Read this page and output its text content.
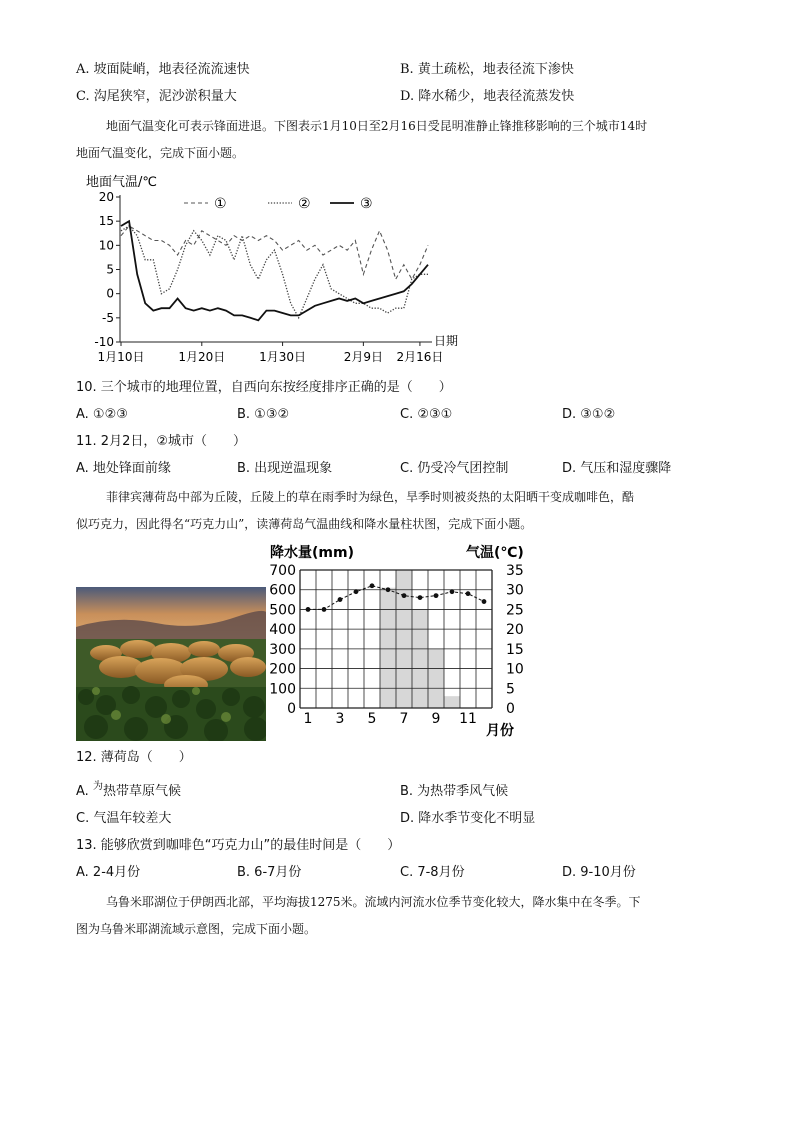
A. 坡面陡峭，地表径流流速快	B. 黄土疏松，地表径流下渗快
C. 沟尾狭窄，泥沙淤积量大	D. 降水稀少，地表径流蒸发快
地面气温变化可表示锋面进退。下图表示1月10日至2月16日受昆明准静止锋推移影响的三个城市14时
地面气温变化，完成下面小题。
地面气温/℃
20
15
10
5
0
-5
-10
1月10日	1月20日	1月30日	2月9日 2月16日
①	②	③
日期
10. 三个城市的地理位置，自西向东按经度排序正确的是（　　）
A. ①②③	B. ①③②	C. ②③①	D. ③①②
11. 2月2日，②城市（　　）
A. 地处锋面前缘	B. 出现逆温现象	C. 仍受冷气团控制	D. 气压和湿度骤降
菲律宾薄荷岛中部为丘陵，丘陵上的草在雨季时为绿色，旱季时则被炎热的太阳晒干变成咖啡色，酷
似巧克力，因此得名“巧克力山”，读薄荷岛气温曲线和降水量柱状图，完成下面小题。
降水量(mm)	气温(℃)
700
600
500
400
300
200
100
0
35
30
25
20
15
10
5
0
1 3 5 7 9 11
月份
12. 薄荷岛（　　）
A. $^为$热带草原气候	B. 为热带季风气候
C. 气温年较差大	D. 降水季节变化不明显
13. 能够欣赏到咖啡色“巧克力山”的最佳时间是（　　）
A. 2-4月份	B. 6-7月份	C. 7-8月份	D. 9-10月份
乌鲁米耶湖位于伊朗西北部，平均海拔1275米。流域内河流水位季节变化较大，降水集中在冬季。下
图为乌鲁米耶湖流域示意图，完成下面小题。
